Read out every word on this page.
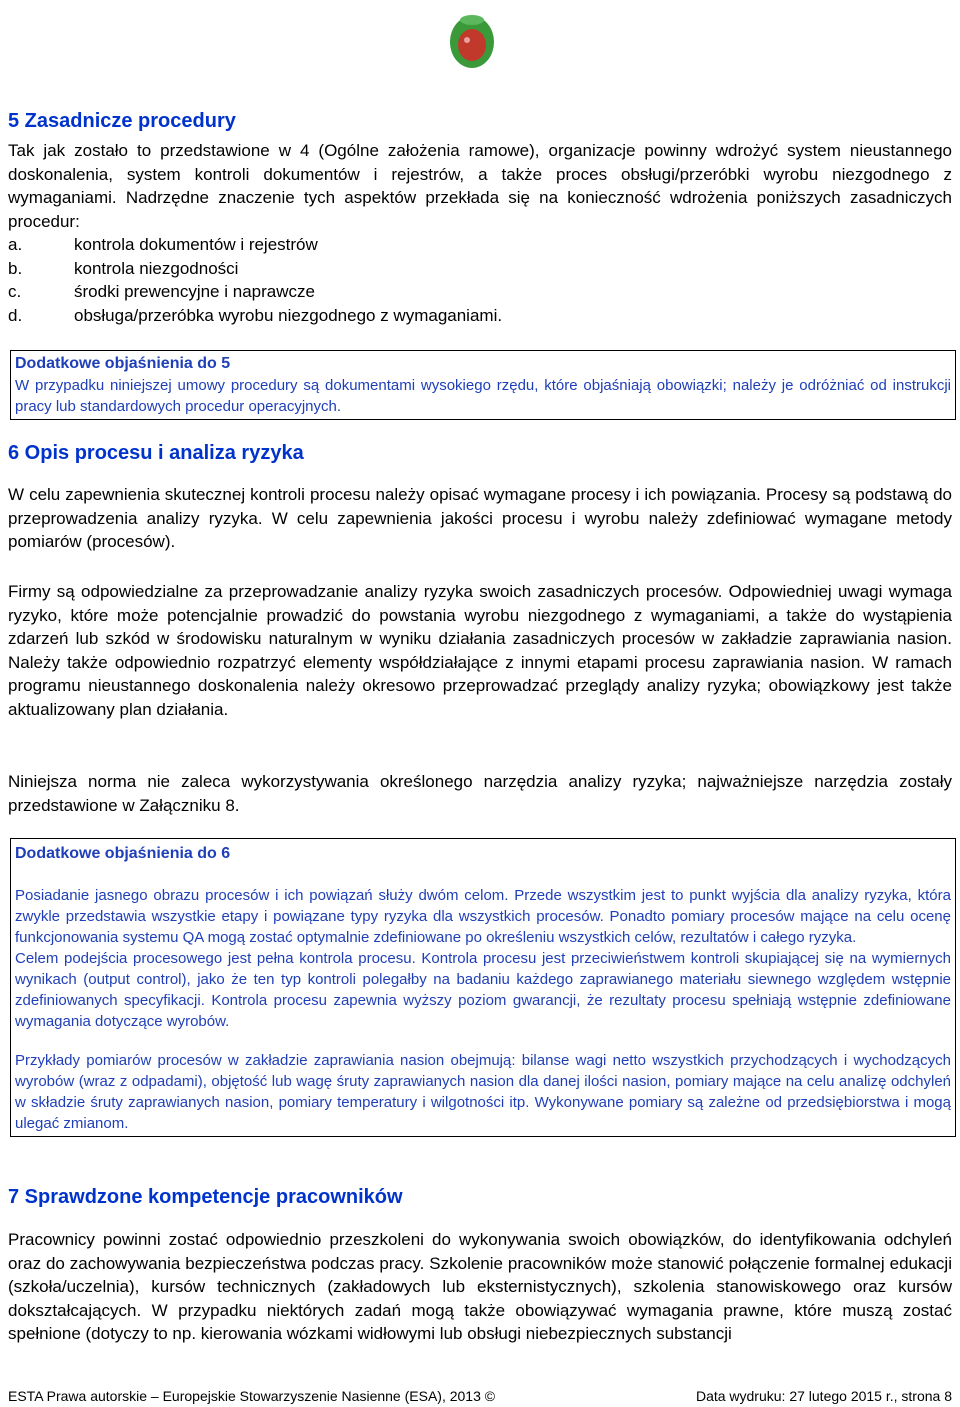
5 Zasadnicze procedury

Tak jak zostało to przedstawione w 4 (Ogólne założenia ramowe), organizacje powinny wdrożyć system nieustannego doskonalenia, system kontroli dokumentów i rejestrów, a także proces obsługi/przeróbki wyrobu niezgodnego z wymaganiami. Nadrzędne znaczenie tych aspektów przekłada się na konieczność wdrożenia poniższych zasadniczych procedur:

a.	kontrola dokumentów i rejestrów
b.	kontrola niezgodności
c.	środki prewencyjne i naprawcze
d.	obsługa/przeróbka wyrobu niezgodnego z wymaganiami.
Dodatkowe objaśnienia do 5

W przypadku niniejszej umowy procedury są dokumentami wysokiego rzędu, które objaśniają obowiązki; należy je odróżniać od instrukcji pracy lub standardowych procedur operacyjnych.

6 Opis procesu i analiza ryzyka

W celu zapewnienia skutecznej kontroli procesu należy opisać wymagane procesy i ich powiązania. Procesy są podstawą do przeprowadzenia analizy ryzyka. W celu zapewnienia jakości procesu i wyrobu należy zdefiniować wymagane metody pomiarów (procesów).

Firmy są odpowiedzialne za przeprowadzanie analizy ryzyka swoich zasadniczych procesów. Odpowiedniej uwagi wymaga ryzyko, które może potencjalnie prowadzić do powstania wyrobu niezgodnego z wymaganiami, a także do wystąpienia zdarzeń lub szkód w środowisku naturalnym w wyniku działania zasadniczych procesów w zakładzie zaprawiania nasion. Należy także odpowiednio rozpatrzyć elementy współdziałające z innymi etapami procesu zaprawiania nasion. W ramach programu nieustannego doskonalenia należy okresowo przeprowadzać przeglądy analizy ryzyka; obowiązkowy jest także aktualizowany plan działania.

Niniejsza norma nie zaleca wykorzystywania określonego narzędzia analizy ryzyka; najważniejsze narzędzia zostały przedstawione w Załączniku 8.

Dodatkowe objaśnienia do 6

Posiadanie jasnego obrazu procesów i ich powiązań służy dwóm celom. Przede wszystkim jest to punkt wyjścia dla analizy ryzyka, która zwykle przedstawia wszystkie etapy i powiązane typy ryzyka dla wszystkich procesów. Ponadto pomiary procesów mające na celu ocenę funkcjonowania systemu QA mogą zostać optymalnie zdefiniowane po określeniu wszystkich celów, rezultatów i całego ryzyka.

Celem podejścia procesowego jest pełna kontrola procesu. Kontrola procesu jest przeciwieństwem kontroli skupiającej się na wymiernych wynikach (output control), jako że ten typ kontroli polegałby na badaniu każdego zaprawianego materiału siewnego względem wstępnie zdefiniowanych specyfikacji. Kontrola procesu zapewnia wyższy poziom gwarancji, że rezultaty procesu spełniają wstępnie zdefiniowane wymagania dotyczące wyrobów.

Przykłady pomiarów procesów w zakładzie zaprawiania nasion obejmują: bilanse wagi netto wszystkich przychodzących i wychodzących wyrobów (wraz z odpadami), objętość lub wagę śruty zaprawianych nasion dla danej ilości nasion, pomiary mające na celu analizę odchyleń w składzie śruty zaprawianych nasion, pomiary temperatury i wilgotności itp. Wykonywane pomiary są zależne od przedsiębiorstwa i mogą ulegać zmianom.

7 Sprawdzone kompetencje pracowników

Pracownicy powinni zostać odpowiednio przeszkoleni do wykonywania swoich obowiązków, do identyfikowania odchyleń oraz do zachowywania bezpieczeństwa podczas pracy. Szkolenie pracowników może stanowić połączenie formalnej edukacji (szkoła/uczelnia), kursów technicznych (zakładowych lub eksternistycznych), szkolenia stanowiskowego oraz kursów dokształcających. W przypadku niektórych zadań mogą także obowiązywać wymagania prawne, które muszą zostać spełnione (dotyczy to np. kierowania wózkami widłowymi lub obsługi niebezpiecznych substancji

ESTA Prawa autorskie – Europejskie Stowarzyszenie Nasienne (ESA), 2013 ©	Data wydruku: 27 lutego 2015 r., strona 8
